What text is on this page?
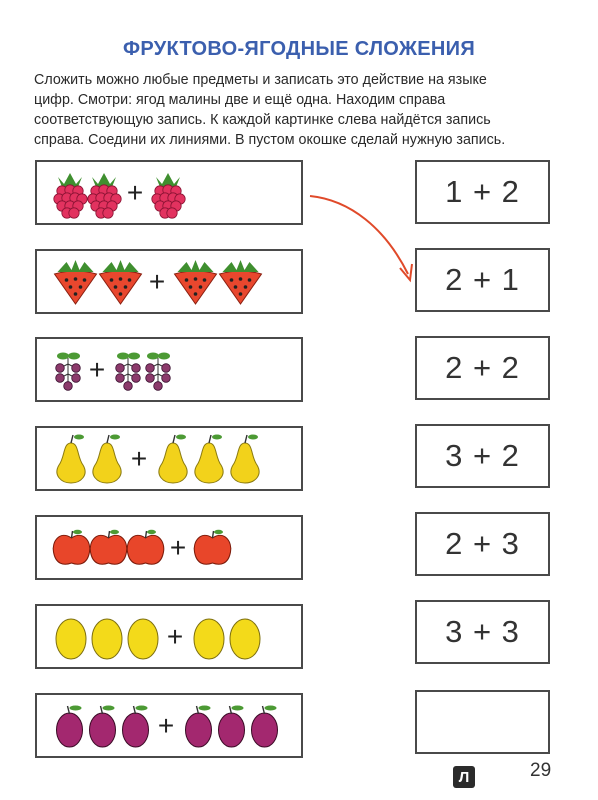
ФРУКТОВО-ЯГОДНЫЕ СЛОЖЕНИЯ

Сложить можно любые предметы и записать это действие на языке
цифр. Смотри: ягод малины две и ещё одна. Находим справа
соответствующую запись. К каждой картинке слева найдётся запись
справа. Соедини их линиями. В пустом окошке сделай нужную запись.

+
+
+
+
+
+
+
1 + 2
2 + 1
2 + 2
3 + 2
2 + 3
3 + 3
Л	29
